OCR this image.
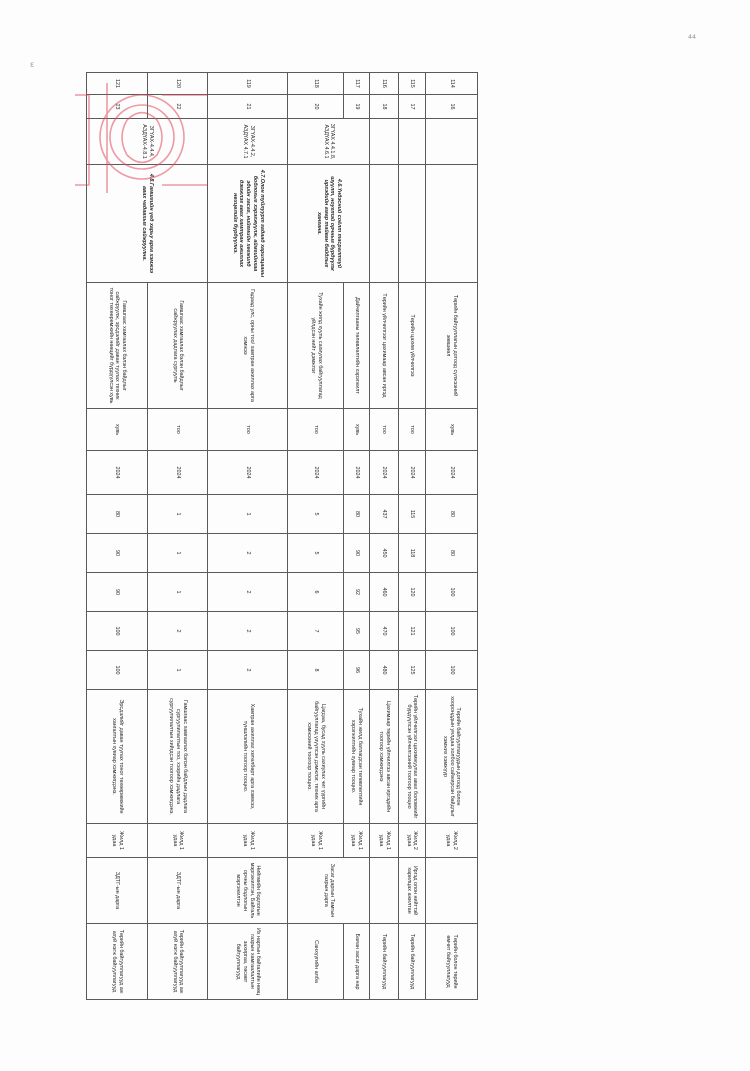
⁴⁴
ε
114	16			Төрийн байгууллагын дотоод сүлжээний зөвшөөл	хувь	2024	80	80	100	100	100	Төрийн байгууллагуудын дотоод болон хооронддын уялдаа холбоо сайжирсан байдлыг хэмжих хэмжүүр	Жилд 2 удаа		Төрийн болон төрийн өмчит байгууллагууд
115	17			Төрийн цахим үйлчилгээ	тоо	2024	115	118	120	121	125	Төрийн үйлчилгээг цахимжуулах авах боломжийг бүрдүүлсэн үйлчилгээний тоогоор тооцно	Жилд 2 удаа	Иргэд олон нийттэй харилцах ажилтан	Төрийн байгууллагууд
116	18			Төрийн үйлчилгээг цахимаар авсан иргэд	тоо	2024	437	450	460	470	480	Цахимаар төрийн үйлчилгээ авсан иргэдийн тоогоор хэмжигдэнэ	Жилд 1 удаа		Төрийн байгууллагууд
117	19	ЗГҮАХ 4.4.1.8, АЗДҮАХ 4.6.1	4.6.Үндэсний соёлт тасралтгүй шүүлт, ноугтэй орчныг бүрдүүлж иргэдийн амар тайван байдлыг хангана.	Дайчилгааны төлөвлөлтийн хэрэгжилт	хувь	2024	80	90	92	95	96	Тухайн жилд батлагдсан төлөвлөлтийн хэрэгжилтийн хувиар тооцно.	Жилд 1 удаа	Засаг даргын Тамгын газрын дарга	Баяан засаг дарга нар
118	20			Тухайн жилд хууль сахиулах байгууллагад үйлдсэн нийт дэмжлэг	тоо	2024	5	5	6	7	8	Цагдаа, бусад хууль сахиулах чиг үүргийн байгууллагад үзүүлсэн дэмжлэг, техник арга хэмжээний тоогоор тооцно.	Жилд 1 удаа		Санхүүгийн албa
119	21	ЗГҮАХ-4.4.2, АЗДҮАХ 4.7.1	4.7.Олон туйлуурт гадаад харилцааны бодлогыг хэрэгжүүлж, аймгийнхаа эдийн засаг, нийгмийн хөгжилд дэмжлэг авах хамтран ажиллах нөхцөлийг бүрдүүлнэ.	Гадаад улс, орны тоо/ хамтран ажиллах арга хэмжээ	тоо	2024	1	2	2	2	2	Хамтран ажиллах хөтөлбөрт арга хэмжээ, түншлэлийн тоогоор тооцно.	Жилд 1 удаа	Нийгмийн бодлогын мэргэжилтэн, Байгаль орчны бодлогын мэргэжилтэн	Их нартын байгалийн нөөц газрын хамгаалалтын захиргаа, төсөвт байгууллагууд
120	22	ЗГҮАХ-4.4.4, АЗДҮАХ-4.8.1	4.8.Гамшгийн үед харьу арга хэмжээ авах чадавхыг сайжруулна.	Гамшгаас хамгаалах бэлэн байдлыг сайжруулах дадлага сургууль	тоо	2024	1	1	1	2	1	Гамшгаас хамгаалах бэлэн байдлын дадлага сургуулилалтын тоо, хээрийн дадлага сургуулилалтын хийгдсэн тоогоор хэмжигдэнэ.	Жилд 1 удаа	ЗДТГ-ын дарга	Төрийн байгууллагууд аж ахуй нэгж байгууллагууд
121	23			Гамшгаас хамгаалах бэлэн байдлыг сайжруулж, эрсдэлийг даван туулах техник тоног төхөөрөмжийн нөөцийг бүрдүүлсэн хувь	хувь	2024	80	90	90	100	100	Эрсдэлийг даван туулах тоног төхөөрөмжийн хангалтын хувиар хэмжигдэнэ.	Жилд 1 удаа	ЗДТГ-ын дарга	Төрийн байгууллагууд аж ахуй нэгж байгууллагууд
